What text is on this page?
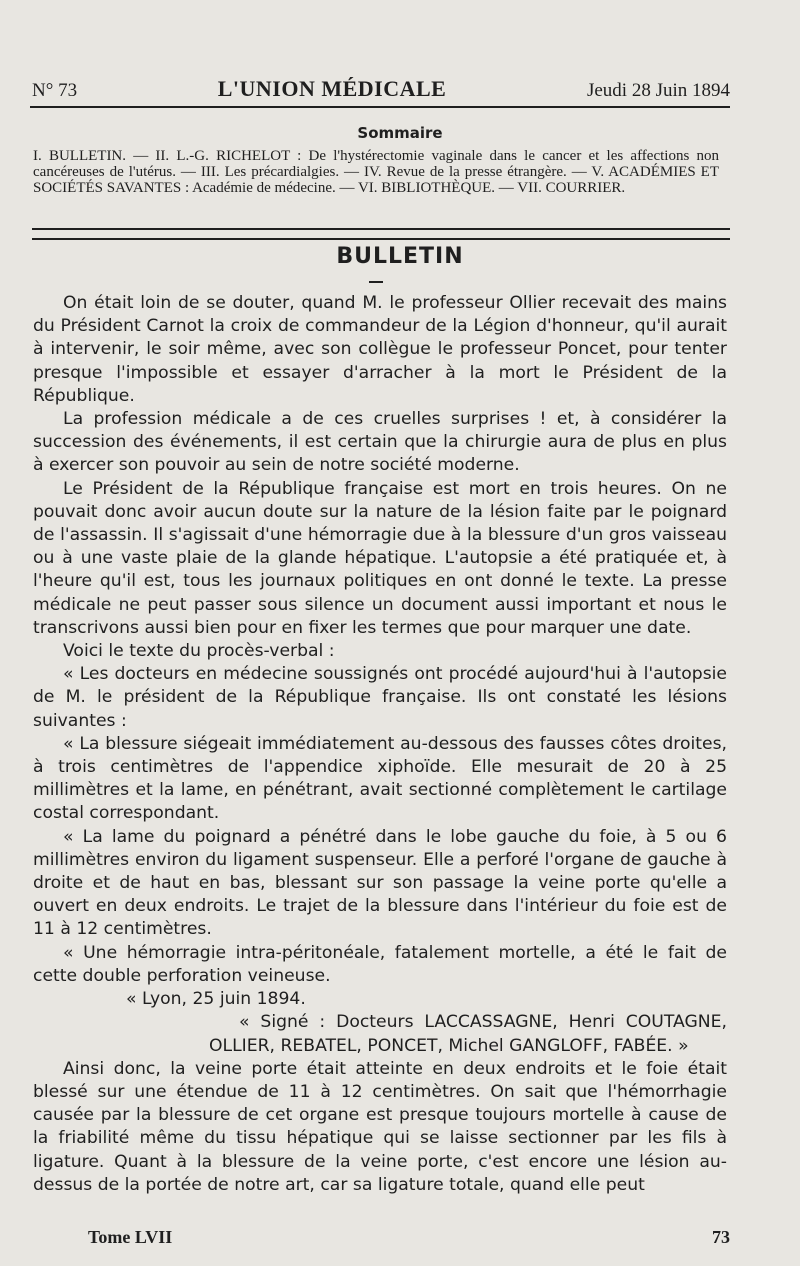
N° 73	L'UNION MÉDICALE	Jeudi 28 Juin 1894
Sommaire

I. BULLETIN. — II. L.-G. RICHELOT : De l'hystérectomie vaginale dans le cancer et les affections non cancéreuses de l'utérus. — III. Les précardialgies. — IV. Revue de la presse étrangère. — V. ACADÉMIES ET SOCIÉTÉS SAVANTES : Académie de médecine. — VI. BIBLIOTHÈQUE. — VII. COURRIER.

BULLETIN

On était loin de se douter, quand M. le professeur Ollier recevait des mains du Président Carnot la croix de commandeur de la Légion d'honneur, qu'il aurait à intervenir, le soir même, avec son collègue le professeur Poncet, pour tenter presque l'impossible et essayer d'arracher à la mort le Président de la République.

La profession médicale a de ces cruelles surprises ! et, à considérer la succession des événements, il est certain que la chirurgie aura de plus en plus à exercer son pouvoir au sein de notre société moderne.

Le Président de la République française est mort en trois heures. On ne pouvait donc avoir aucun doute sur la nature de la lésion faite par le poignard de l'assassin. Il s'agissait d'une hémorragie due à la blessure d'un gros vaisseau ou à une vaste plaie de la glande hépatique. L'autopsie a été pratiquée et, à l'heure qu'il est, tous les journaux politiques en ont donné le texte. La presse médicale ne peut passer sous silence un document aussi important et nous le transcrivons aussi bien pour en fixer les termes que pour marquer une date.

Voici le texte du procès-verbal :

« Les docteurs en médecine soussignés ont procédé aujourd'hui à l'autopsie de M. le président de la République française. Ils ont constaté les lésions suivantes :

« La blessure siégeait immédiatement au-dessous des fausses côtes droites, à trois centimètres de l'appendice xiphoïde. Elle mesurait de 20 à 25 millimètres et la lame, en pénétrant, avait sectionné complètement le cartilage costal correspondant.

« La lame du poignard a pénétré dans le lobe gauche du foie, à 5 ou 6 millimètres environ du ligament suspenseur. Elle a perforé l'organe de gauche à droite et de haut en bas, blessant sur son passage la veine porte qu'elle a ouvert en deux endroits. Le trajet de la blessure dans l'intérieur du foie est de 11 à 12 centimètres.

« Une hémorragie intra-péritonéale, fatalement mortelle, a été le fait de cette double perforation veineuse.

« Lyon, 25 juin 1894.

« Signé : Docteurs LACCASSAGNE, Henri COUTAGNE, OLLIER, REBATEL, PONCET, Michel GANGLOFF, FABÉE. »

Ainsi donc, la veine porte était atteinte en deux endroits et le foie était blessé sur une étendue de 11 à 12 centimètres. On sait que l'hémorrhagie causée par la blessure de cet organe est presque toujours mortelle à cause de la friabilité même du tissu hépatique qui se laisse sectionner par les fils à ligature. Quant à la blessure de la veine porte, c'est encore une lésion au-dessus de la portée de notre art, car sa ligature totale, quand elle peut

Tome LVII	73
